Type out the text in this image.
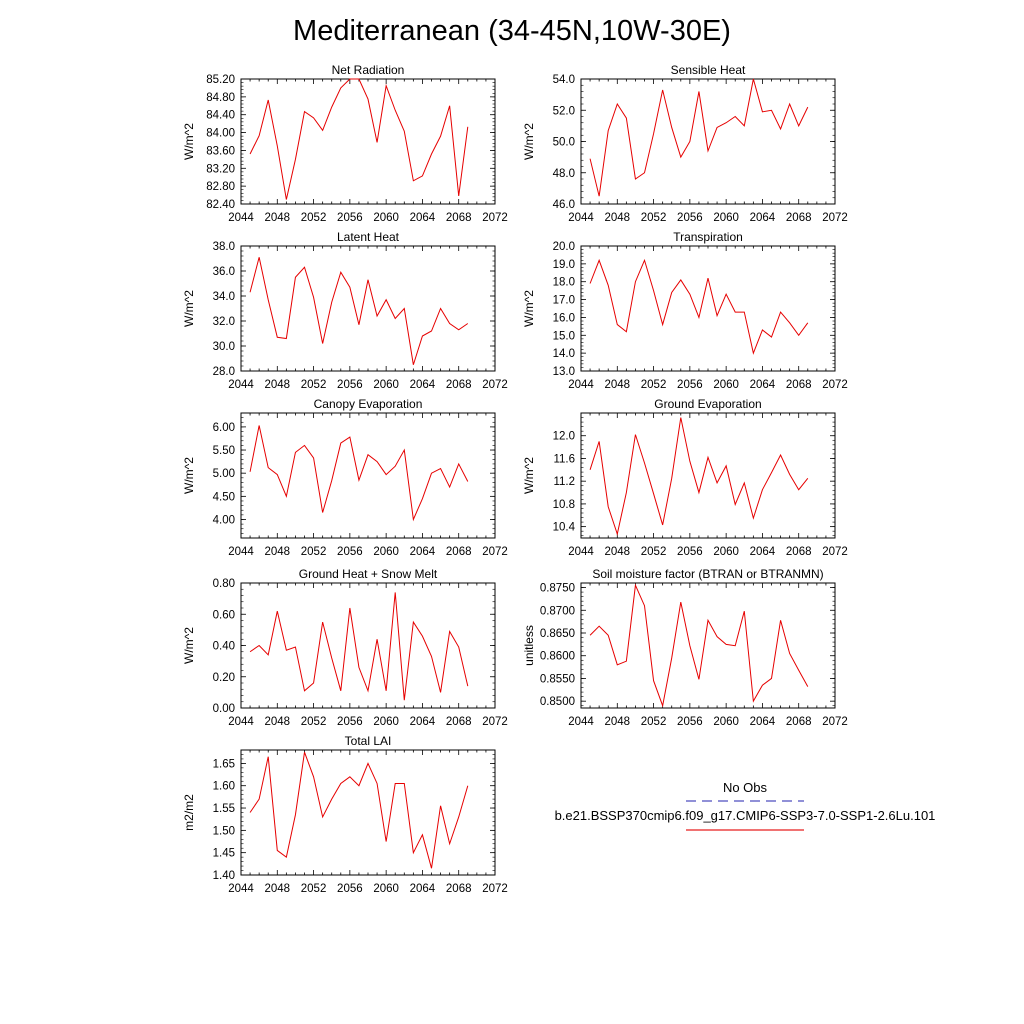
Mediterranean (34-45N,10W-30E)
Net Radiation
2044 2048 2052 2056 2060 2064 2068 2072
82.40
82.80
83.20
83.60
84.00
84.40
84.80
85.20
W/m^2
Sensible Heat
2044 2048 2052 2056 2060 2064 2068 2072
46.0
48.0
50.0
52.0
54.0
W/m^2
Latent Heat
2044 2048 2052 2056 2060 2064 2068 2072
28.0
30.0
32.0
34.0
36.0
38.0
W/m^2
Transpiration
2044 2048 2052 2056 2060 2064 2068 2072
13.0
14.0
15.0
16.0
17.0
18.0
19.0
20.0
W/m^2
Canopy Evaporation
2044 2048 2052 2056 2060 2064 2068 2072
4.00
4.50
5.00
5.50
6.00
W/m^2
Ground Evaporation
2044 2048 2052 2056 2060 2064 2068 2072
10.4
10.8
11.2
11.6
12.0
W/m^2
Ground Heat + Snow Melt
2044 2048 2052 2056 2060 2064 2068 2072
0.00
0.20
0.40
0.60
0.80
W/m^2
Soil moisture factor (BTRAN or BTRANMN)
2044 2048 2052 2056 2060 2064 2068 2072
0.8500
0.8550
0.8600
0.8650
0.8700
0.8750
unitless
Total LAI
2044 2048 2052 2056 2060 2064 2068 2072
1.40
1.45
1.50
1.55
1.60
1.65
m2/m2
No Obs
b.e21.BSSP370cmip6.f09_g17.CMIP6-SSP3-7.0-SSP1-2.6Lu.101
